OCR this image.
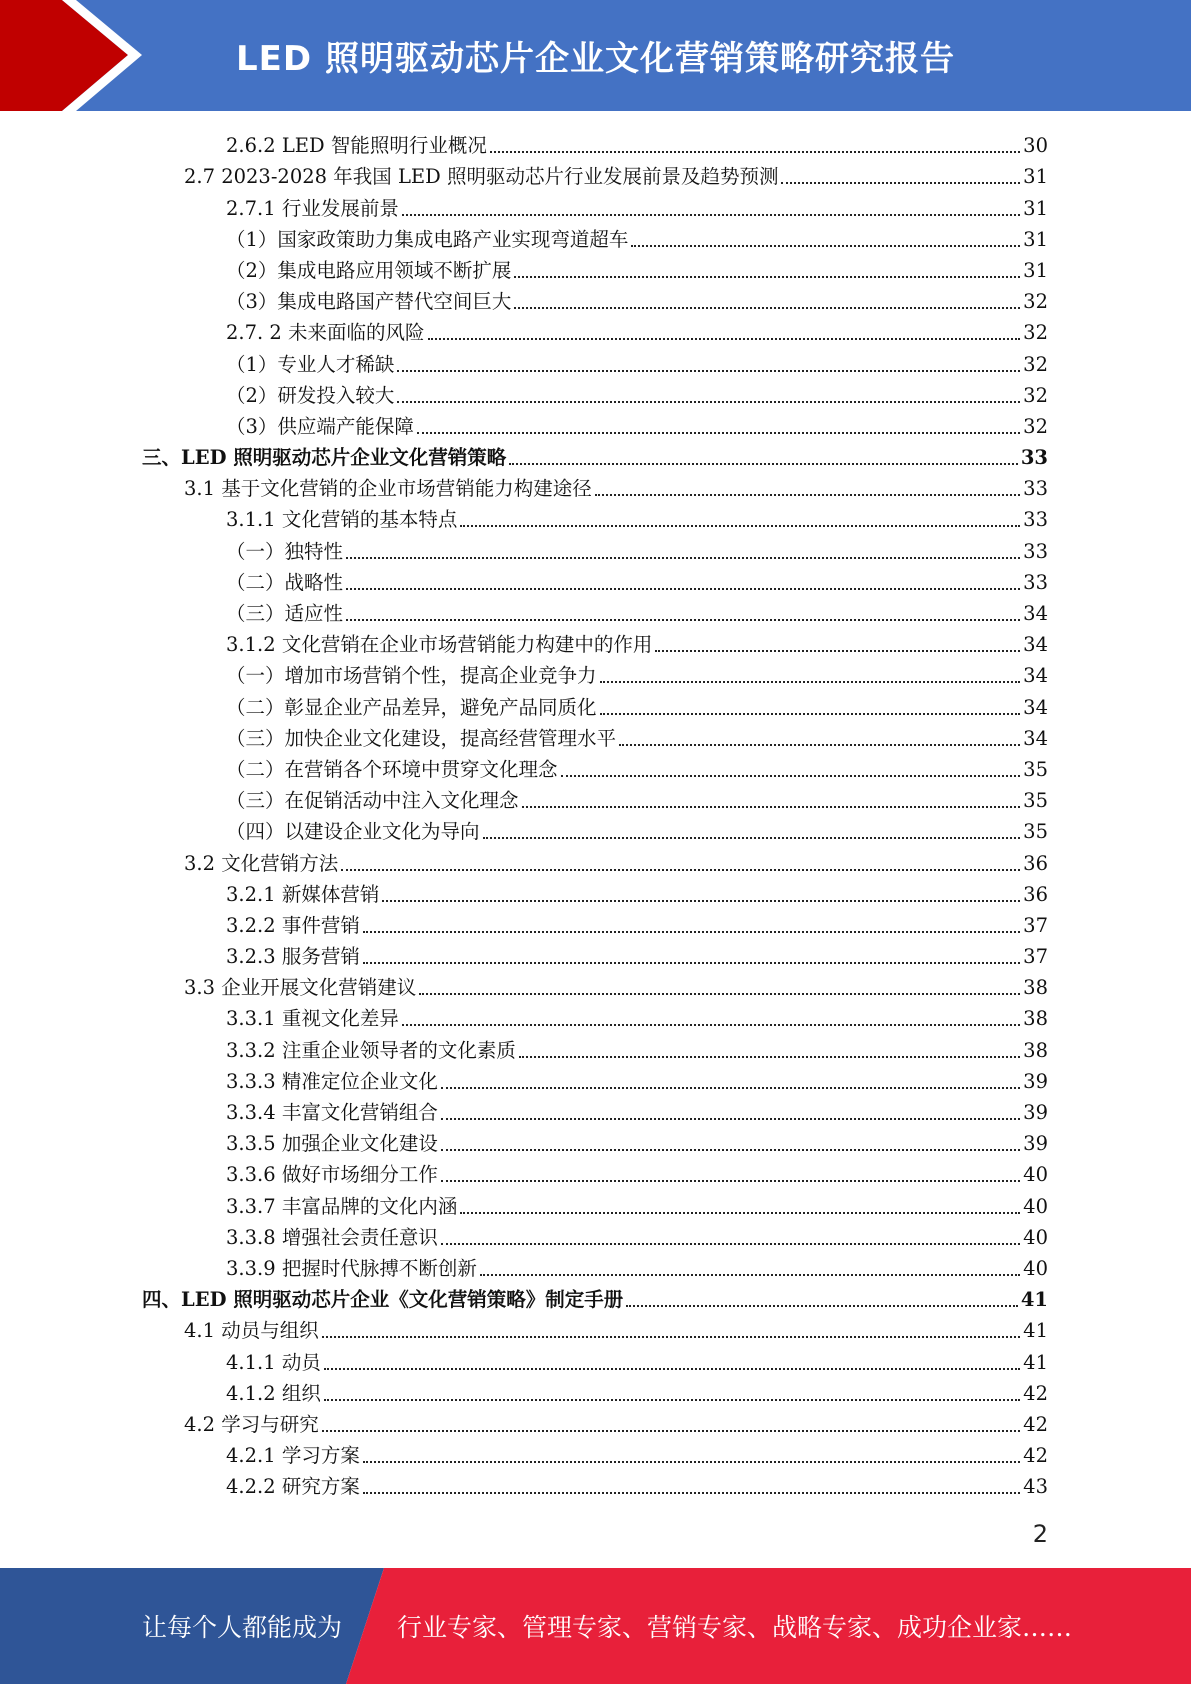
LED 照明驱动芯片企业文化营销策略研究报告
2.6.2 LED 智能照明行业概况	30
2.7 2023-2028 年我国 LED 照明驱动芯片行业发展前景及趋势预测	31
2.7.1 行业发展前景	31
（1）国家政策助力集成电路产业实现弯道超车	31
（2）集成电路应用领域不断扩展	31
（3）集成电路国产替代空间巨大	32
2.7. 2 未来面临的风险	32
（1）专业人才稀缺	32
（2）研发投入较大	32
（3）供应端产能保障	32
三、LED 照明驱动芯片企业文化营销策略	33
3.1 基于文化营销的企业市场营销能力构建途径	33
3.1.1 文化营销的基本特点	33
（一）独特性	33
（二）战略性	33
（三）适应性	34
3.1.2 文化营销在企业市场营销能力构建中的作用	34
（一）增加市场营销个性，提高企业竞争力	34
（二）彰显企业产品差异，避免产品同质化	34
（三）加快企业文化建设，提高经营管理水平	34
（二）在营销各个环境中贯穿文化理念	35
（三）在促销活动中注入文化理念	35
（四）以建设企业文化为导向	35
3.2 文化营销方法	36
3.2.1 新媒体营销	36
3.2.2 事件营销	37
3.2.3 服务营销	37
3.3 企业开展文化营销建议	38
3.3.1 重视文化差异	38
3.3.2 注重企业领导者的文化素质	38
3.3.3 精准定位企业文化	39
3.3.4 丰富文化营销组合	39
3.3.5 加强企业文化建设	39
3.3.6 做好市场细分工作	40
3.3.7 丰富品牌的文化内涵	40
3.3.8 增强社会责任意识	40
3.3.9 把握时代脉搏不断创新	40
四、LED 照明驱动芯片企业《文化营销策略》制定手册	41
4.1 动员与组织	41
4.1.1 动员	41
4.1.2 组织	42
4.2 学习与研究	42
4.2.1 学习方案	42
4.2.2 研究方案	43
2
让每个人都能成为 行业专家、管理专家、营销专家、战略专家、成功企业家……
